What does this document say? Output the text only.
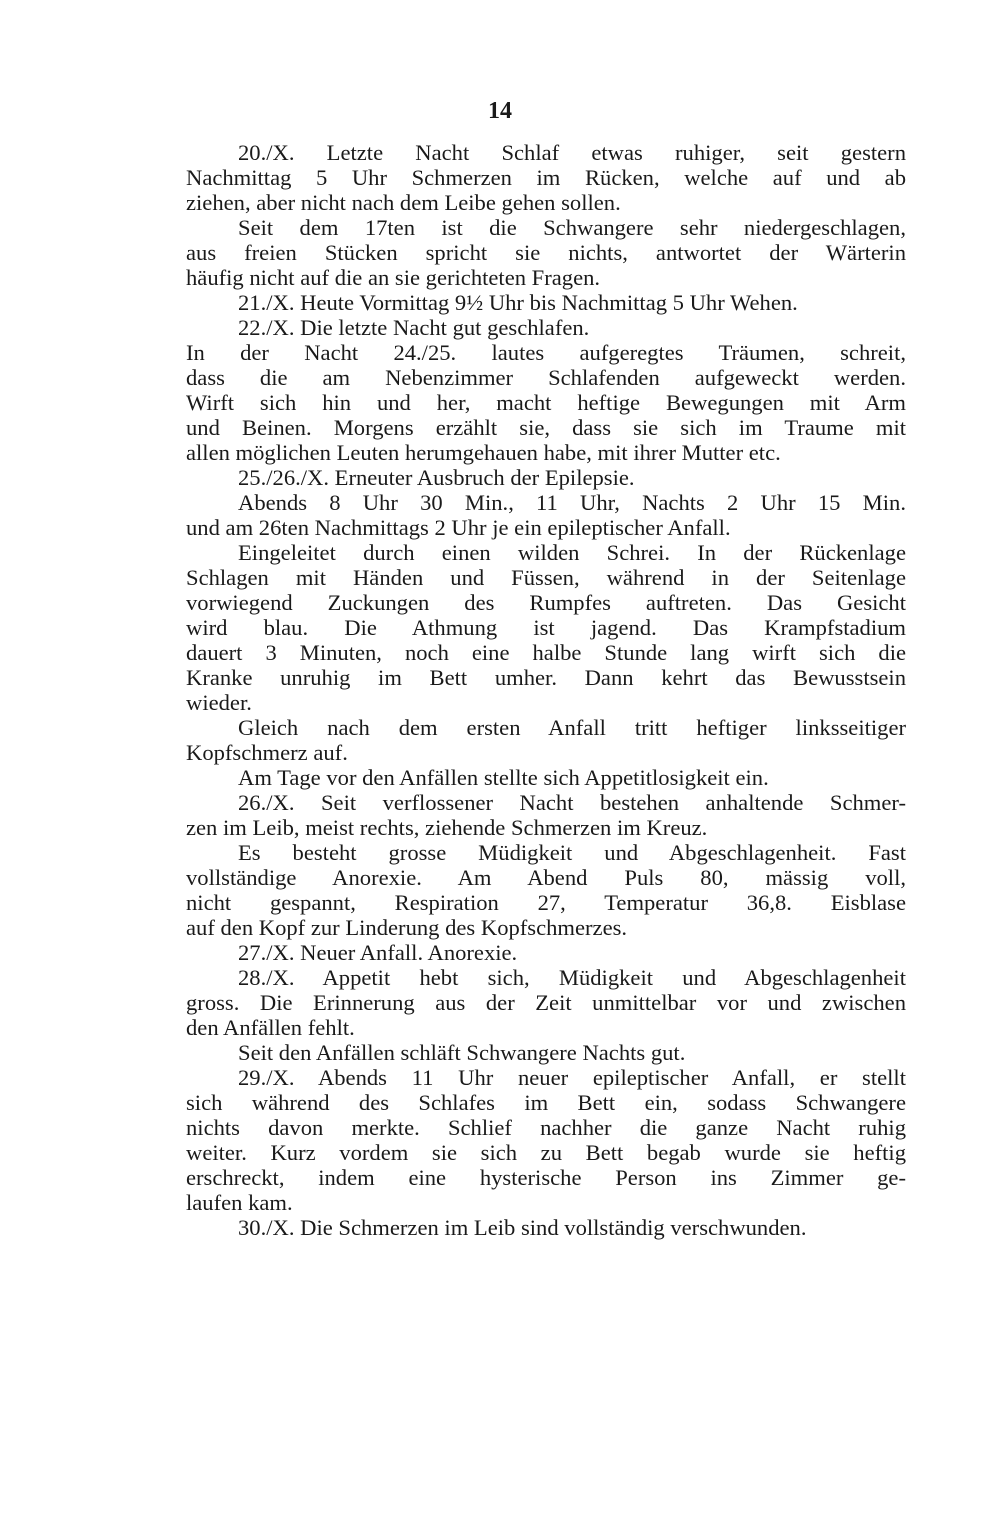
14
20./X. Letzte Nacht Schlaf etwas ruhiger, seit gestern
Nachmittag 5 Uhr Schmerzen im Rücken, welche auf und ab
ziehen, aber nicht nach dem Leibe gehen sollen.
Seit dem 17ten ist die Schwangere sehr niedergeschlagen,
aus freien Stücken spricht sie nichts, antwortet der Wärterin
häufig nicht auf die an sie gerichteten Fragen.
21./X. Heute Vormittag 9½ Uhr bis Nachmittag 5 Uhr Wehen.
22./X. Die letzte Nacht gut geschlafen.
In der Nacht 24./25. lautes aufgeregtes Träumen, schreit,
dass die am Nebenzimmer Schlafenden aufgeweckt werden.
Wirft sich hin und her, macht heftige Bewegungen mit Arm
und Beinen. Morgens erzählt sie, dass sie sich im Traume mit
allen möglichen Leuten herumgehauen habe, mit ihrer Mutter etc.
25./26./X. Erneuter Ausbruch der Epilepsie.
Abends 8 Uhr 30 Min., 11 Uhr, Nachts 2 Uhr 15 Min.
und am 26ten Nachmittags 2 Uhr je ein epileptischer Anfall.
Eingeleitet durch einen wilden Schrei. In der Rückenlage
Schlagen mit Händen und Füssen, während in der Seitenlage
vorwiegend Zuckungen des Rumpfes auftreten. Das Gesicht
wird blau. Die Athmung ist jagend. Das Krampfstadium
dauert 3 Minuten, noch eine halbe Stunde lang wirft sich die
Kranke unruhig im Bett umher. Dann kehrt das Bewusstsein
wieder.
Gleich nach dem ersten Anfall tritt heftiger linksseitiger
Kopfschmerz auf.
Am Tage vor den Anfällen stellte sich Appetitlosigkeit ein.
26./X. Seit verflossener Nacht bestehen anhaltende Schmer-
zen im Leib, meist rechts, ziehende Schmerzen im Kreuz.
Es besteht grosse Müdigkeit und Abgeschlagenheit. Fast
vollständige Anorexie. Am Abend Puls 80, mässig voll,
nicht gespannt, Respiration 27, Temperatur 36,8. Eisblase
auf den Kopf zur Linderung des Kopfschmerzes.
27./X. Neuer Anfall. Anorexie.
28./X. Appetit hebt sich, Müdigkeit und Abgeschlagenheit
gross. Die Erinnerung aus der Zeit unmittelbar vor und zwischen
den Anfällen fehlt.
Seit den Anfällen schläft Schwangere Nachts gut.
29./X. Abends 11 Uhr neuer epileptischer Anfall, er stellt
sich während des Schlafes im Bett ein, sodass Schwangere
nichts davon merkte. Schlief nachher die ganze Nacht ruhig
weiter. Kurz vordem sie sich zu Bett begab wurde sie heftig
erschreckt, indem eine hysterische Person ins Zimmer ge-
laufen kam.
30./X. Die Schmerzen im Leib sind vollständig verschwunden.
